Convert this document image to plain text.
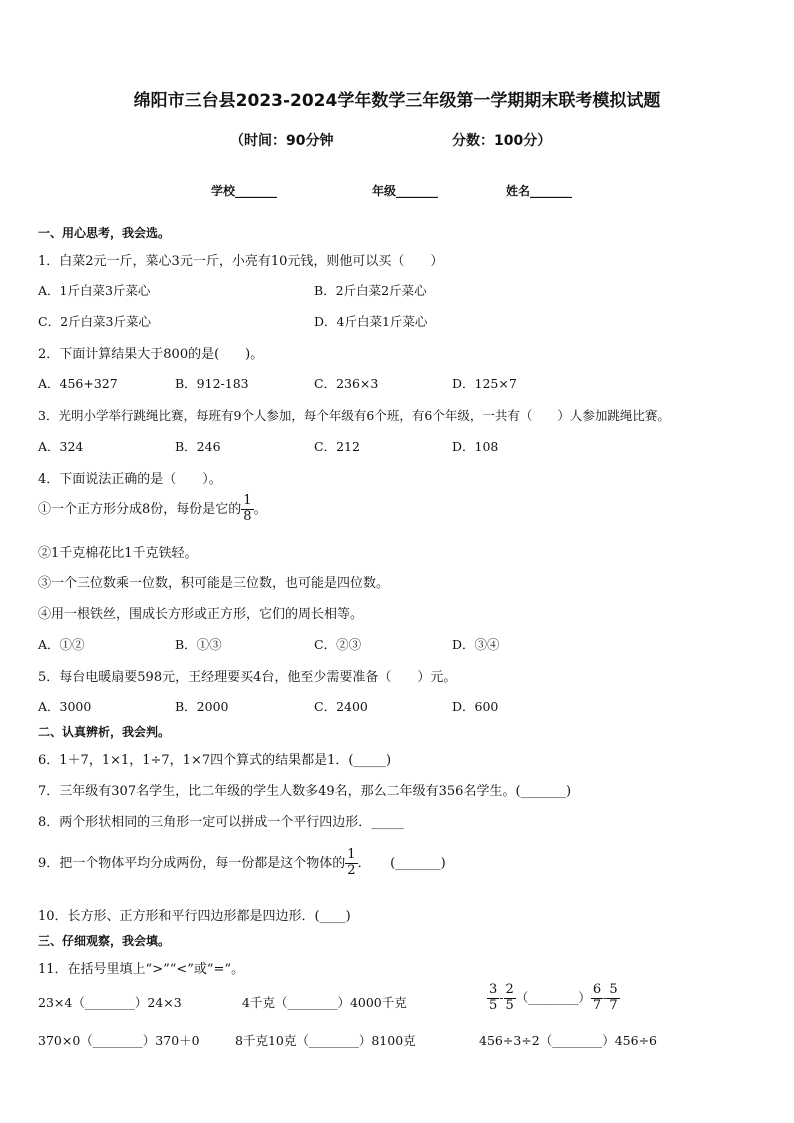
绵阳市三台县2023-2024学年数学三年级第一学期期末联考模拟试题
（时间：90分钟	分数：100分）
学校_______	年级_______	姓名_______
一、用心思考，我会选。
1．白菜2元一斤，菜心3元一斤，小亮有10元钱，则他可以买（　　）
A．1斤白菜3斤菜心	B．2斤白菜2斤菜心
C．2斤白菜3斤菜心	D．4斤白菜1斤菜心
2．下面计算结果大于800的是(　　)。
A．456+327	B．912-183	C．236×3	D．125×7
3．光明小学举行跳绳比赛，每班有9个人参加，每个年级有6个班，有6个年级，一共有（　　）人参加跳绳比赛。
A．324	B．246	C．212	D．108
4．下面说法正确的是（　　）。
①一个正方形分成8份，每份是它的 $\frac{1}{8}$ 。
②1千克棉花比1千克铁轻。
③一个三位数乘一位数，积可能是三位数，也可能是四位数。
④用一根铁丝，围成长方形或正方形，它们的周长相等。
A．①②	B．①③	C．②③	D．③④
5．每台电暖扇要598元，王经理要买4台，他至少需要准备（　　）元。
A．3000	B．2000	C．2400	D．600
二、认真辨析，我会判。
6．1＋7，1×1，1÷7，1×7四个算式的结果都是1．(_____)
7．三年级有307名学生，比二年级的学生人数多49名，那么二年级有356名学生。(_______)
8．两个形状相同的三角形一定可以拼成一个平行四边形．_____
9．把一个物体平均分成两份，每一份都是这个物体的 $\frac{1}{2}$ ．　　(_______)
10．长方形、正方形和平行四边形都是四边形．(____)
三、仔细观察，我会填。
11．在括号里填上“>”“<”或“=”。
23×4（________）24×3	4千克（________）4000千克	$\frac{3}{5} - \frac{2}{5}$ （________） $\frac{6}{7} - \frac{5}{7}$
370×0（________）370＋0	8千克10克（________）8100克	456÷3÷2（________）456÷6
